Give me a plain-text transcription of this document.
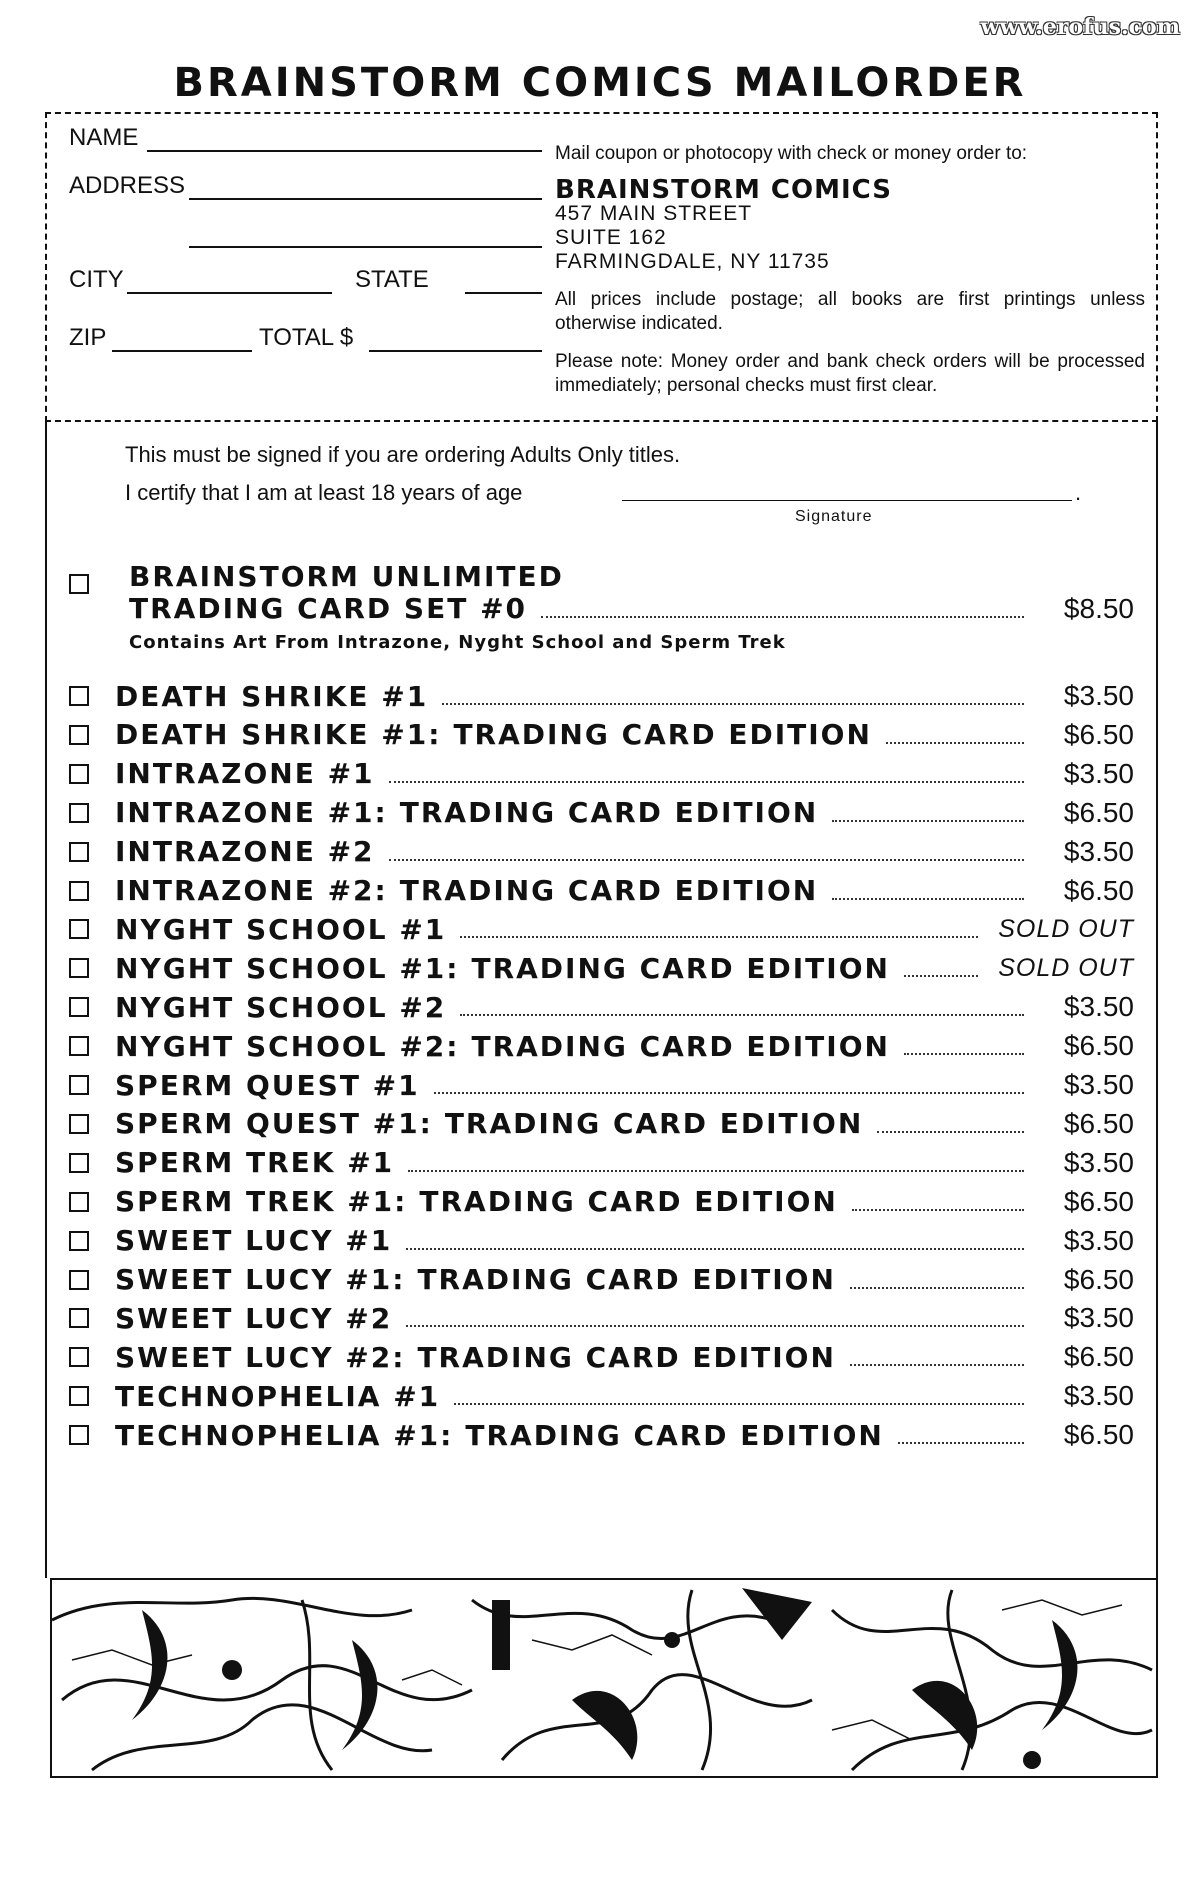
www.erofus.com
BRAINSTORM COMICS MAILORDER
NAME
ADDRESS
CITY	STATE
ZIP	TOTAL $
Mail coupon or photocopy with check or money order to:
BRAINSTORM COMICS
457 MAIN STREET
SUITE 162
FARMINGDALE, NY 11735
All prices include postage; all books are first printings unless otherwise indicated.
Please note: Money order and bank check orders will be processed immediately; personal checks must first clear.
This must be signed if you are ordering Adults Only titles.
I certify that I am at least 18 years of age	.
Signature
BRAINSTORM UNLIMITED
TRADING CARD SET #0	$8.50
Contains Art From Intrazone, Nyght School and Sperm Trek
DEATH SHRIKE #1	$3.50
DEATH SHRIKE #1: TRADING CARD EDITION	$6.50
INTRAZONE #1	$3.50
INTRAZONE #1: TRADING CARD EDITION	$6.50
INTRAZONE #2	$3.50
INTRAZONE #2: TRADING CARD EDITION	$6.50
NYGHT SCHOOL #1	SOLD OUT
NYGHT SCHOOL #1: TRADING CARD EDITION	SOLD OUT
NYGHT SCHOOL #2	$3.50
NYGHT SCHOOL #2: TRADING CARD EDITION	$6.50
SPERM QUEST #1	$3.50
SPERM QUEST #1: TRADING CARD EDITION	$6.50
SPERM TREK #1	$3.50
SPERM TREK #1: TRADING CARD EDITION	$6.50
SWEET LUCY #1	$3.50
SWEET LUCY #1: TRADING CARD EDITION	$6.50
SWEET LUCY #2	$3.50
SWEET LUCY #2: TRADING CARD EDITION	$6.50
TECHNOPHELIA #1	$3.50
TECHNOPHELIA #1: TRADING CARD EDITION	$6.50
